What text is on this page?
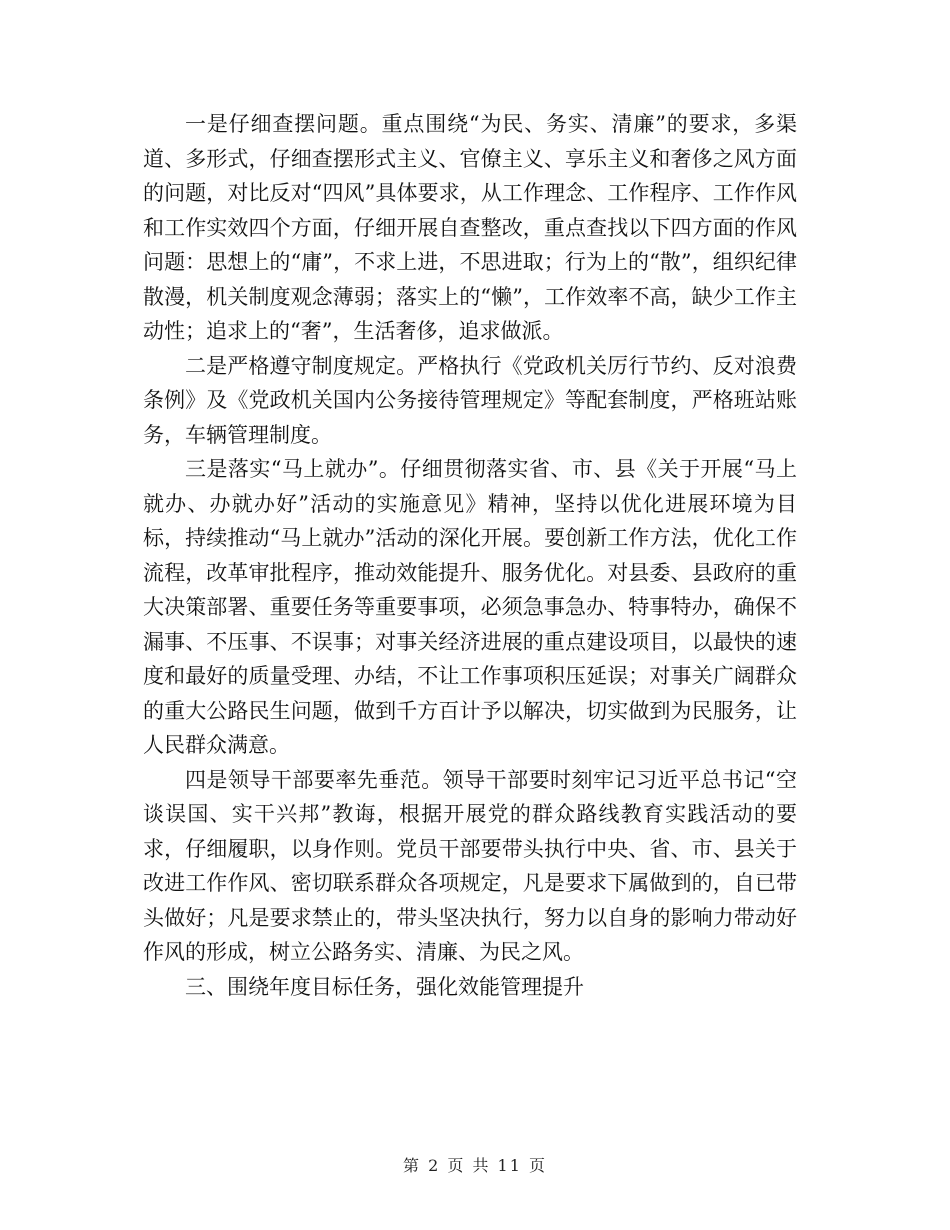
一是仔细查摆问题。重点围绕“为民、务实、清廉”的要求，多渠道、多形式，仔细查摆形式主义、官僚主义、享乐主义和奢侈之风方面的问题，对比反对“四风”具体要求，从工作理念、工作程序、工作作风和工作实效四个方面，仔细开展自查整改，重点查找以下四方面的作风问题：思想上的“庸”，不求上进，不思进取；行为上的“散”，组织纪律散漫，机关制度观念薄弱；落实上的“懒”，工作效率不高，缺少工作主动性；追求上的“奢”，生活奢侈，追求做派。

二是严格遵守制度规定。严格执行《党政机关厉行节约、反对浪费条例》及《党政机关国内公务接待管理规定》等配套制度，严格班站账务，车辆管理制度。

三是落实“马上就办”。仔细贯彻落实省、市、县《关于开展“马上就办、办就办好”活动的实施意见》精神，坚持以优化进展环境为目标，持续推动“马上就办”活动的深化开展。要创新工作方法，优化工作流程，改革审批程序，推动效能提升、服务优化。对县委、县政府的重大决策部署、重要任务等重要事项，必须急事急办、特事特办，确保不漏事、不压事、不误事；对事关经济进展的重点建设项目，以最快的速度和最好的质量受理、办结，不让工作事项积压延误；对事关广阔群众的重大公路民生问题，做到千方百计予以解决，切实做到为民服务，让人民群众满意。

四是领导干部要率先垂范。领导干部要时刻牢记习近平总书记“空谈误国、实干兴邦”教诲，根据开展党的群众路线教育实践活动的要求，仔细履职，以身作则。党员干部要带头执行中央、省、市、县关于改进工作作风、密切联系群众各项规定，凡是要求下属做到的，自已带头做好；凡是要求禁止的，带头坚决执行，努力以自身的影响力带动好作风的形成，树立公路务实、清廉、为民之风。

三、围绕年度目标任务，强化效能管理提升

第 2 页 共 11 页
